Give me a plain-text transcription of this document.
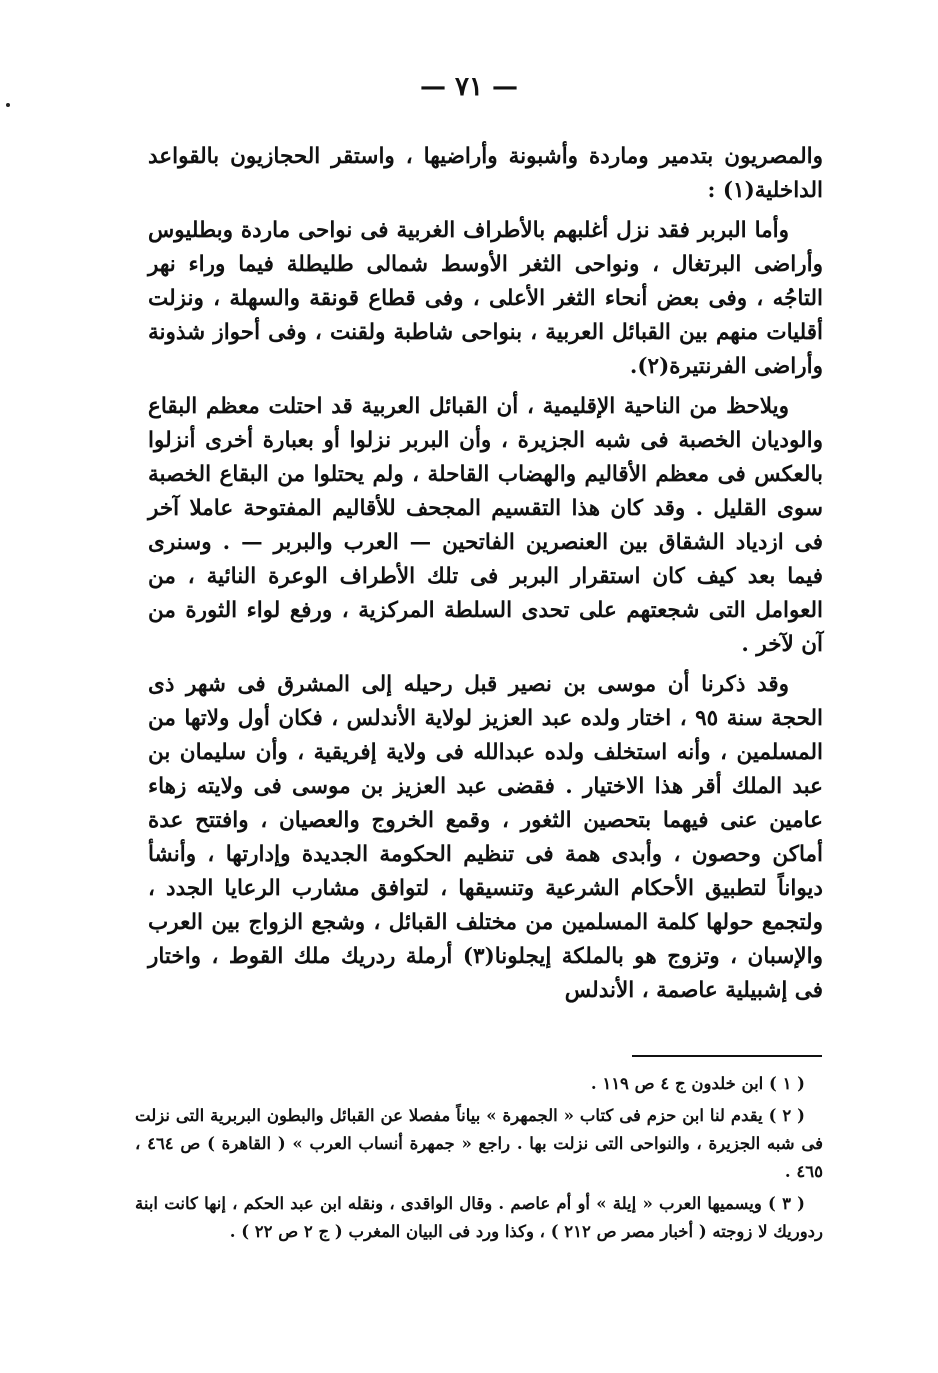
— ٧١ —

والمصريون بتدمير وماردة وأشبونة وأراضيها ، واستقر الحجازيون بالقواعد الداخلية(١) :

وأما البربر فقد نزل أغلبهم بالأطراف الغربية فى نواحى ماردة وبطليوس وأراضى البرتغال ، ونواحى الثغر الأوسط شمالى طليطلة فيما وراء نهر التاجُه ، وفى بعض أنحاء الثغر الأعلى ، وفى قطاع قونقة والسهلة ، ونزلت أقليات منهم بين القبائل العربية ، بنواحى شاطبة ولقنت ، وفى أحواز شذونة وأراضى الفرنتيرة(٢).

ويلاحظ من الناحية الإقليمية ، أن القبائل العربية قد احتلت معظم البقاع والوديان الخصبة فى شبه الجزيرة ، وأن البربر نزلوا أو بعبارة أخرى أنزلوا بالعكس فى معظم الأقاليم والهضاب القاحلة ، ولم يحتلوا من البقاع الخصبة سوى القليل . وقد كان هذا التقسيم المجحف للأقاليم المفتوحة عاملا آخر فى ازدياد الشقاق بين العنصرين الفاتحين — العرب والبربر — . وسنرى فيما بعد كيف كان استقرار البربر فى تلك الأطراف الوعرة النائية ، من العوامل التى شجعتهم على تحدى السلطة المركزية ، ورفع لواء الثورة من آن لآخر .

وقد ذكرنا أن موسى بن نصير قبل رحيله إلى المشرق فى شهر ذى الحجة سنة ٩٥ ، اختار ولده عبد العزيز لولاية الأندلس ، فكان أول ولاتها من المسلمين ، وأنه استخلف ولده عبدالله فى ولاية إفريقية ، وأن سليمان بن عبد الملك أقر هذا الاختيار . فقضى عبد العزيز بن موسى فى ولايته زهاء عامين عنى فيهما بتحصين الثغور ، وقمع الخروج والعصيان ، وافتتح عدة أماكن وحصون ، وأبدى همة فى تنظيم الحكومة الجديدة وإدارتها ، وأنشأ ديواناً لتطبيق الأحكام الشرعية وتنسيقها ، لتوافق مشارب الرعايا الجدد ، ولتجمع حولها كلمة المسلمين من مختلف القبائل ، وشجع الزواج بين العرب والإسبان ، وتزوج هو بالملكة إيجلونا(٣) أرملة ردريك ملك القوط ، واختار فى إشبيلية عاصمة ، الأندلس

( ١ ) ابن خلدون ج ٤ ص ١١٩ .

( ٢ ) يقدم لنا ابن حزم فى كتاب « الجمهرة » بياناً مفصلا عن القبائل والبطون البربرية التى نزلت فى شبه الجزيرة ، والنواحى التى نزلت بها . راجع « جمهرة أنساب العرب » ( القاهرة ) ص ٤٦٤ ، ٤٦٥ .

( ٣ ) ويسميها العرب « إيلة » أو أم عاصم . وقال الواقدى ، ونقله ابن عبد الحكم ، إنها كانت ابنة ردوريك لا زوجته ( أخبار مصر ص ٢١٢ ) ، وكذا ورد فى البيان المغرب ( ج ٢ ص ٢٢ ) .
